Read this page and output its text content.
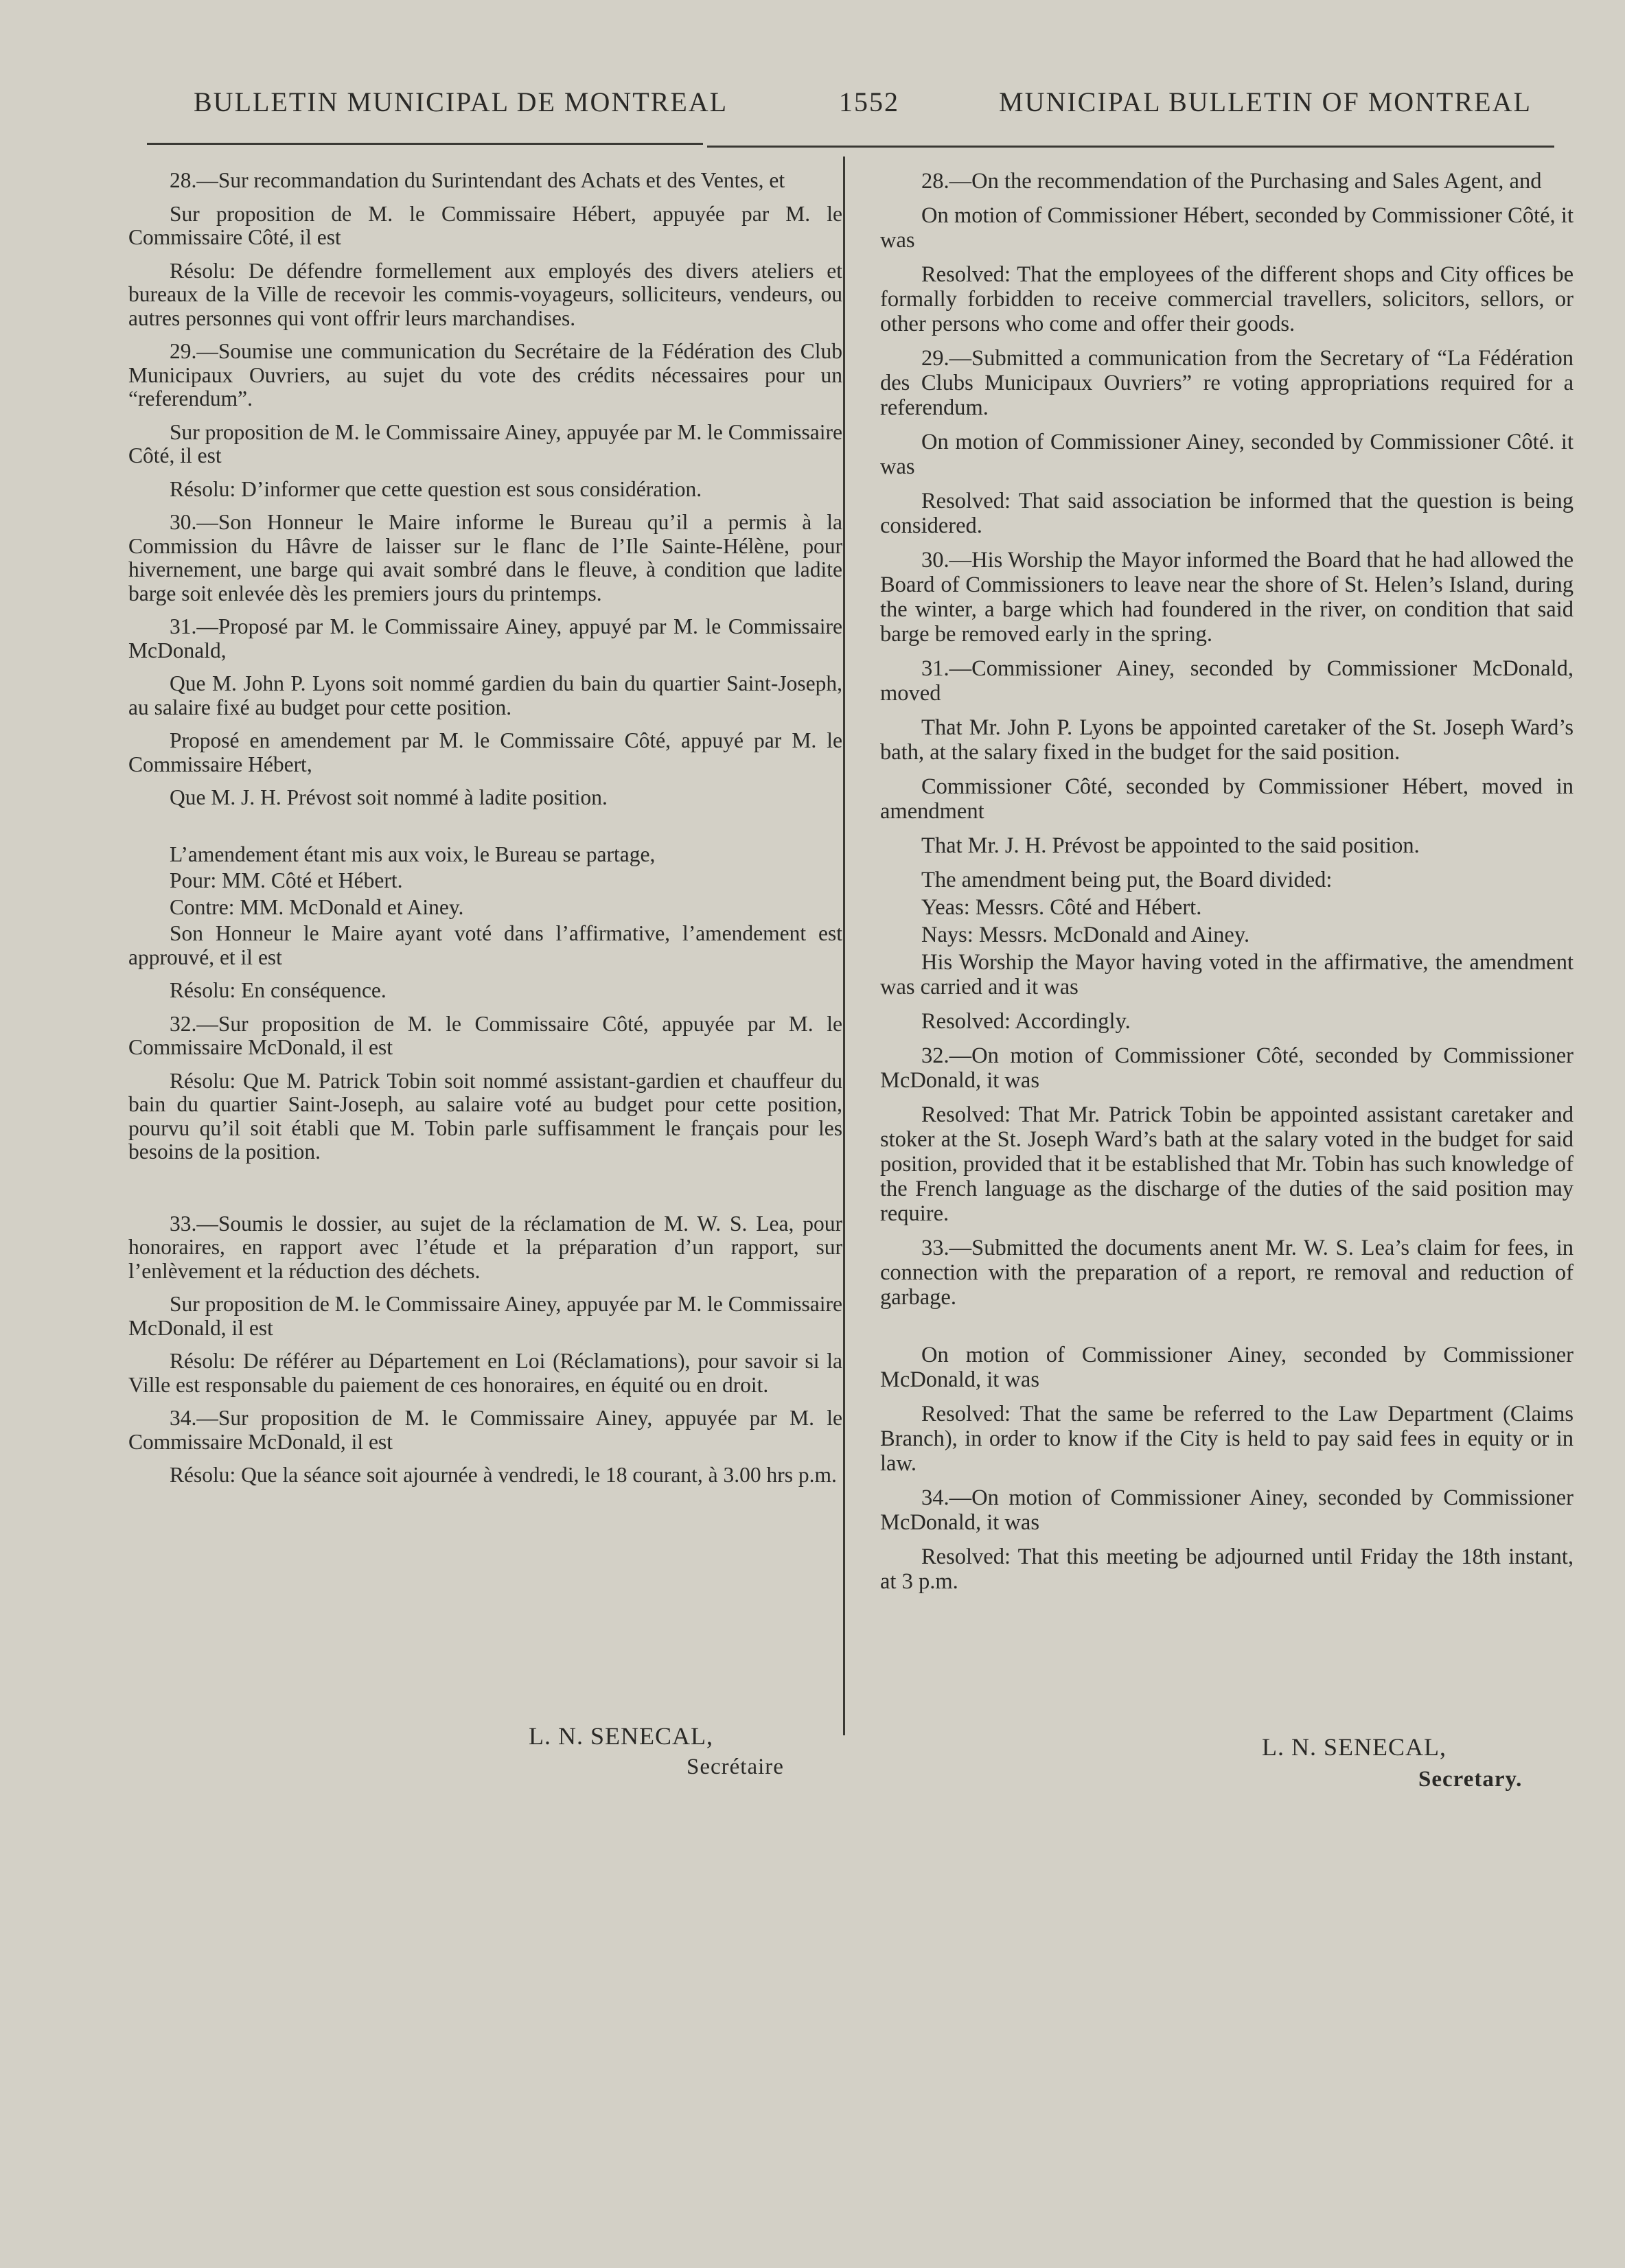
BULLETIN MUNICIPAL DE MONTREAL	1552	MUNICIPAL BULLETIN OF MONTREAL

28.—Sur recommandation du Surintendant des Achats et des Ventes, et

Sur proposition de M. le Commissaire Hébert, appuyée par M. le Commissaire Côté, il est

Résolu: De défendre formellement aux employés des divers ateliers et bureaux de la Ville de recevoir les commis-voyageurs, solliciteurs, vendeurs, ou autres personnes qui vont offrir leurs marchandises.

29.—Soumise une communication du Secrétaire de la Fédération des Club Municipaux Ouvriers, au sujet du vote des crédits nécessaires pour un “referendum”.

Sur proposition de M. le Commissaire Ainey, appuyée par M. le Commissaire Côté, il est

Résolu: D’informer que cette question est sous considération.

30.—Son Honneur le Maire informe le Bureau qu’il a permis à la Commission du Hâvre de laisser sur le flanc de l’Ile Sainte-Hélène, pour hivernement, une barge qui avait sombré dans le fleuve, à condition que ladite barge soit enlevée dès les premiers jours du printemps.

31.—Proposé par M. le Commissaire Ainey, appuyé par M. le Commissaire McDonald,

Que M. John P. Lyons soit nommé gardien du bain du quartier Saint-Joseph, au salaire fixé au budget pour cette position.

Proposé en amendement par M. le Commissaire Côté, appuyé par M. le Commissaire Hébert,

Que M. J. H. Prévost soit nommé à ladite position.

L’amendement étant mis aux voix, le Bureau se partage,

Pour: MM. Côté et Hébert.

Contre: MM. McDonald et Ainey.

Son Honneur le Maire ayant voté dans l’affirmative, l’amendement est approuvé, et il est

Résolu: En conséquence.

32.—Sur proposition de M. le Commissaire Côté, appuyée par M. le Commissaire McDonald, il est

Résolu: Que M. Patrick Tobin soit nommé assistant-gardien et chauffeur du bain du quartier Saint-Joseph, au salaire voté au budget pour cette position, pourvu qu’il soit établi que M. Tobin parle suffisamment le français pour les besoins de la position.

33.—Soumis le dossier, au sujet de la réclamation de M. W. S. Lea, pour honoraires, en rapport avec l’étude et la préparation d’un rapport, sur l’enlèvement et la réduction des déchets.

Sur proposition de M. le Commissaire Ainey, appuyée par M. le Commissaire McDonald, il est

Résolu: De référer au Département en Loi (Réclamations), pour savoir si la Ville est responsable du paiement de ces honoraires, en équité ou en droit.

34.—Sur proposition de M. le Commissaire Ainey, appuyée par M. le Commissaire McDonald, il est

Résolu: Que la séance soit ajournée à vendredi, le 18 courant, à 3.00 hrs p.m.

28.—On the recommendation of the Purchasing and Sales Agent, and

On motion of Commissioner Hébert, seconded by Commissioner Côté, it was

Resolved: That the employees of the different shops and City offices be formally forbidden to receive commercial travellers, solicitors, sellors, or other persons who come and offer their goods.

29.—Submitted a communication from the Secretary of “La Fédération des Clubs Municipaux Ouvriers” re voting appropriations required for a referendum.

On motion of Commissioner Ainey, seconded by Commissioner Côté. it was

Resolved: That said association be informed that the question is being considered.

30.—His Worship the Mayor informed the Board that he had allowed the Board of Commissioners to leave near the shore of St. Helen’s Island, during the winter, a barge which had foundered in the river, on condition that said barge be removed early in the spring.

31.—Commissioner Ainey, seconded by Commissioner McDonald, moved

That Mr. John P. Lyons be appointed caretaker of the St. Joseph Ward’s bath, at the salary fixed in the budget for the said position.

Commissioner Côté, seconded by Commissioner Hébert, moved in amendment

That Mr. J. H. Prévost be appointed to the said position.

The amendment being put, the Board divided:

Yeas: Messrs. Côté and Hébert.

Nays: Messrs. McDonald and Ainey.

His Worship the Mayor having voted in the affirmative, the amendment was carried and it was

Resolved: Accordingly.

32.—On motion of Commissioner Côté, seconded by Commissioner McDonald, it was

Resolved: That Mr. Patrick Tobin be appointed assistant caretaker and stoker at the St. Joseph Ward’s bath at the salary voted in the budget for said position, provided that it be established that Mr. Tobin has such knowledge of the French language as the discharge of the duties of the said position may require.

33.—Submitted the documents anent Mr. W. S. Lea’s claim for fees, in connection with the preparation of a report, re removal and reduction of garbage.

On motion of Commissioner Ainey, seconded by Commissioner McDonald, it was

Resolved: That the same be referred to the Law Department (Claims Branch), in order to know if the City is held to pay said fees in equity or in law.

34.—On motion of Commissioner Ainey, seconded by Commissioner McDonald, it was

Resolved: That this meeting be adjourned until Friday the 18th instant, at 3 p.m.

L. N. SENECAL,
Secrétaire
L. N. SENECAL,
Secretary.
